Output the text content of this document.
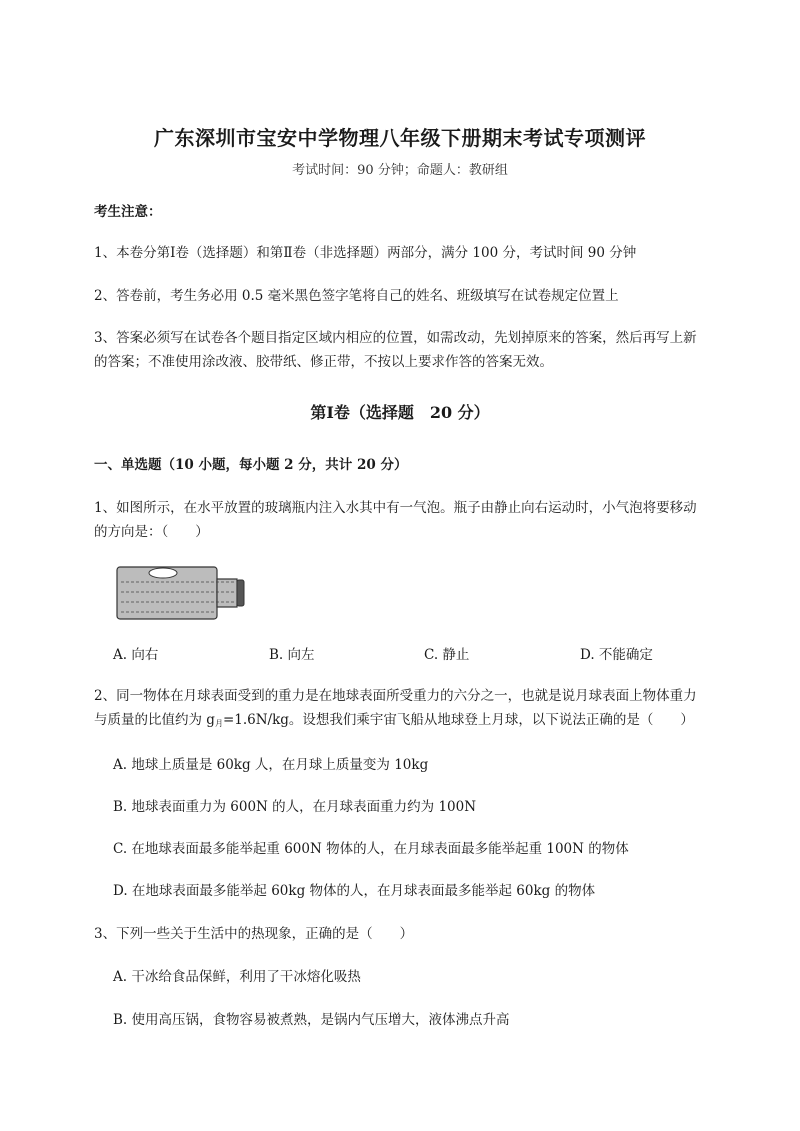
广东深圳市宝安中学物理八年级下册期末考试专项测评
考试时间：90 分钟；命题人：教研组
考生注意：
1、本卷分第Ⅰ卷（选择题）和第Ⅱ卷（非选择题）两部分，满分 100 分，考试时间 90 分钟
2、答卷前，考生务必用 0.5 毫米黑色签字笔将自己的姓名、班级填写在试卷规定位置上
3、答案必须写在试卷各个题目指定区域内相应的位置，如需改动，先划掉原来的答案，然后再写上新的答案；不准使用涂改液、胶带纸、修正带，不按以上要求作答的答案无效。
第Ⅰ卷（选择题　20 分）
一、单选题（10 小题，每小题 2 分，共计 20 分）
1、如图所示，在水平放置的玻璃瓶内注入水其中有一气泡。瓶子由静止向右运动时，小气泡将要移动的方向是：（　　）
A. 向右	B. 向左	C. 静止	D. 不能确定
2、同一物体在月球表面受到的重力是在地球表面所受重力的六分之一，也就是说月球表面上物体重力与质量的比值约为 g月=1.6N/kg。设想我们乘宇宙飞船从地球登上月球，以下说法正确的是（　　）
A. 地球上质量是 60kg 人，在月球上质量变为 10kg
B. 地球表面重力为 600N 的人，在月球表面重力约为 100N
C. 在地球表面最多能举起重 600N 物体的人，在月球表面最多能举起重 100N 的物体
D. 在地球表面最多能举起 60kg 物体的人，在月球表面最多能举起 60kg 的物体
3、下列一些关于生活中的热现象，正确的是（　　）
A. 干冰给食品保鲜，利用了干冰熔化吸热
B. 使用高压锅，食物容易被煮熟，是锅内气压增大，液体沸点升高
